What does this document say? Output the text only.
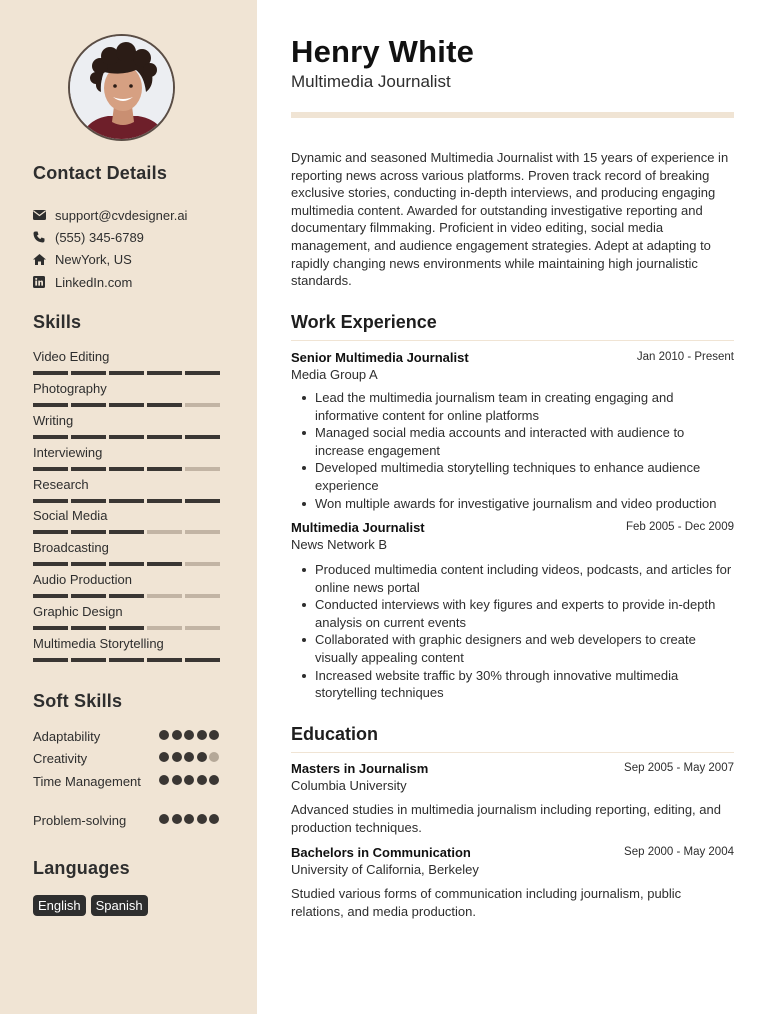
Contact Details
support@cvdesigner.ai
(555) 345-6789
NewYork, US
LinkedIn.com
Skills
Video Editing
Photography
Writing
Interviewing
Research
Social Media
Broadcasting
Audio Production
Graphic Design
Multimedia Storytelling
Soft Skills
Adaptability
Creativity
Time Management
Problem-solving
Languages
English	Spanish
Henry White
Multimedia Journalist
Dynamic and seasoned Multimedia Journalist with 15 years of experience in reporting news across various platforms. Proven track record of breaking exclusive stories, conducting in-depth interviews, and producing engaging multimedia content. Awarded for outstanding investigative reporting and documentary filmmaking. Proficient in video editing, social media management, and audience engagement strategies. Adept at adapting to rapidly changing news environments while maintaining high journalistic standards.
Work Experience
Senior Multimedia Journalist	Jan 2010 - Present
Media Group A
Lead the multimedia journalism team in creating engaging and informative content for online platforms
Managed social media accounts and interacted with audience to increase engagement
Developed multimedia storytelling techniques to enhance audience experience
Won multiple awards for investigative journalism and video production
Multimedia Journalist	Feb 2005 - Dec 2009
News Network B
Produced multimedia content including videos, podcasts, and articles for online news portal
Conducted interviews with key figures and experts to provide in-depth analysis on current events
Collaborated with graphic designers and web developers to create visually appealing content
Increased website traffic by 30% through innovative multimedia storytelling techniques
Education
Masters in Journalism	Sep 2005 - May 2007
Columbia University
Advanced studies in multimedia journalism including reporting, editing, and production techniques.
Bachelors in Communication	Sep 2000 - May 2004
University of California, Berkeley
Studied various forms of communication including journalism, public relations, and media production.
